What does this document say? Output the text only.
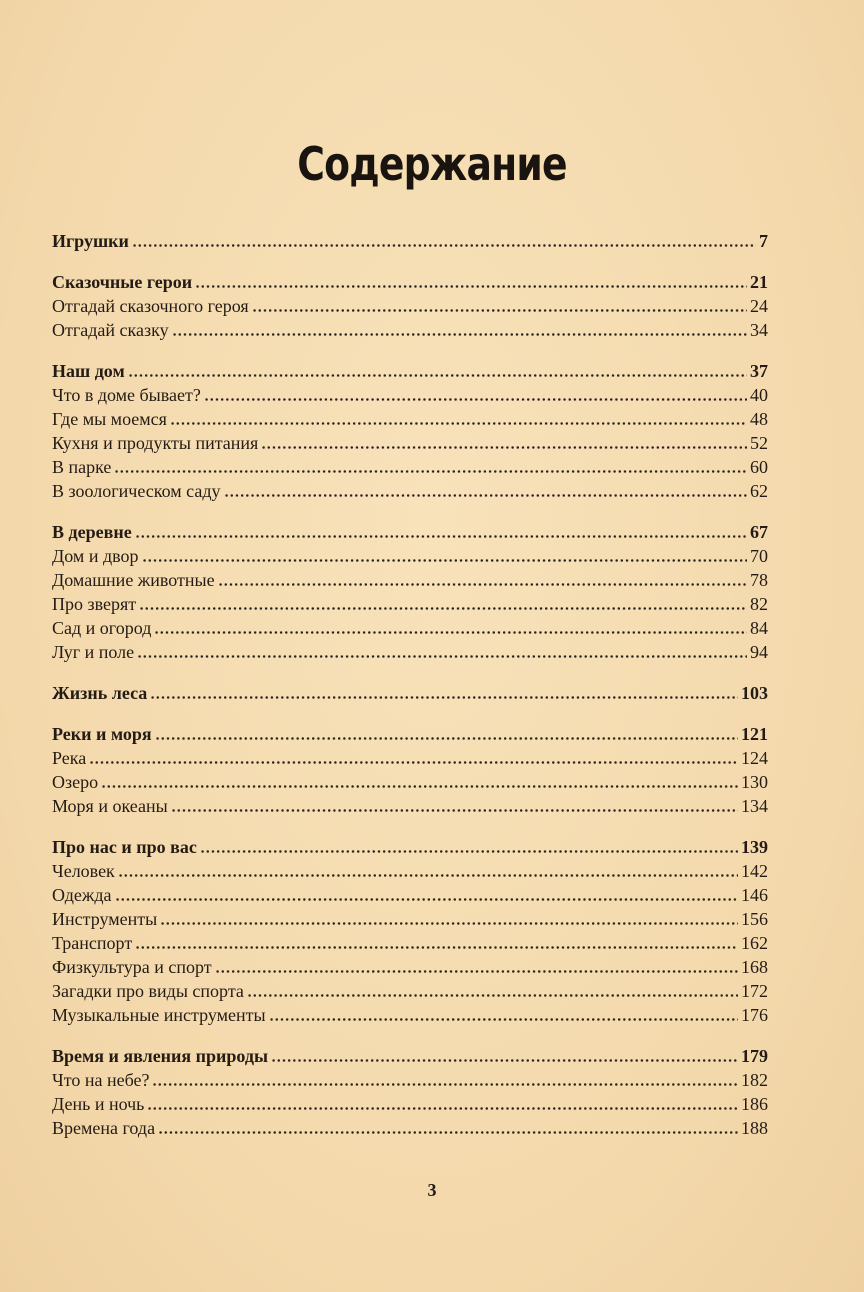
Содержание
Игрушки	7
Сказочные герои	21
Отгадай сказочного героя	24
Отгадай сказку	34
Наш дом	37
Что в доме бывает?	40
Где мы моемся	48
Кухня и продукты питания	52
В парке	60
В зоологическом саду	62
В деревне	67
Дом и двор	70
Домашние животные	78
Про зверят	82
Сад и огород	84
Луг и поле	94
Жизнь леса	103
Реки и моря	121
Река	124
Озеро	130
Моря и океаны	134
Про нас и про вас	139
Человек	142
Одежда	146
Инструменты	156
Транспорт	162
Физкультура и спорт	168
Загадки про виды спорта	172
Музыкальные инструменты	176
Время и явления природы	179
Что на небе?	182
День и ночь	186
Времена года	188
3
